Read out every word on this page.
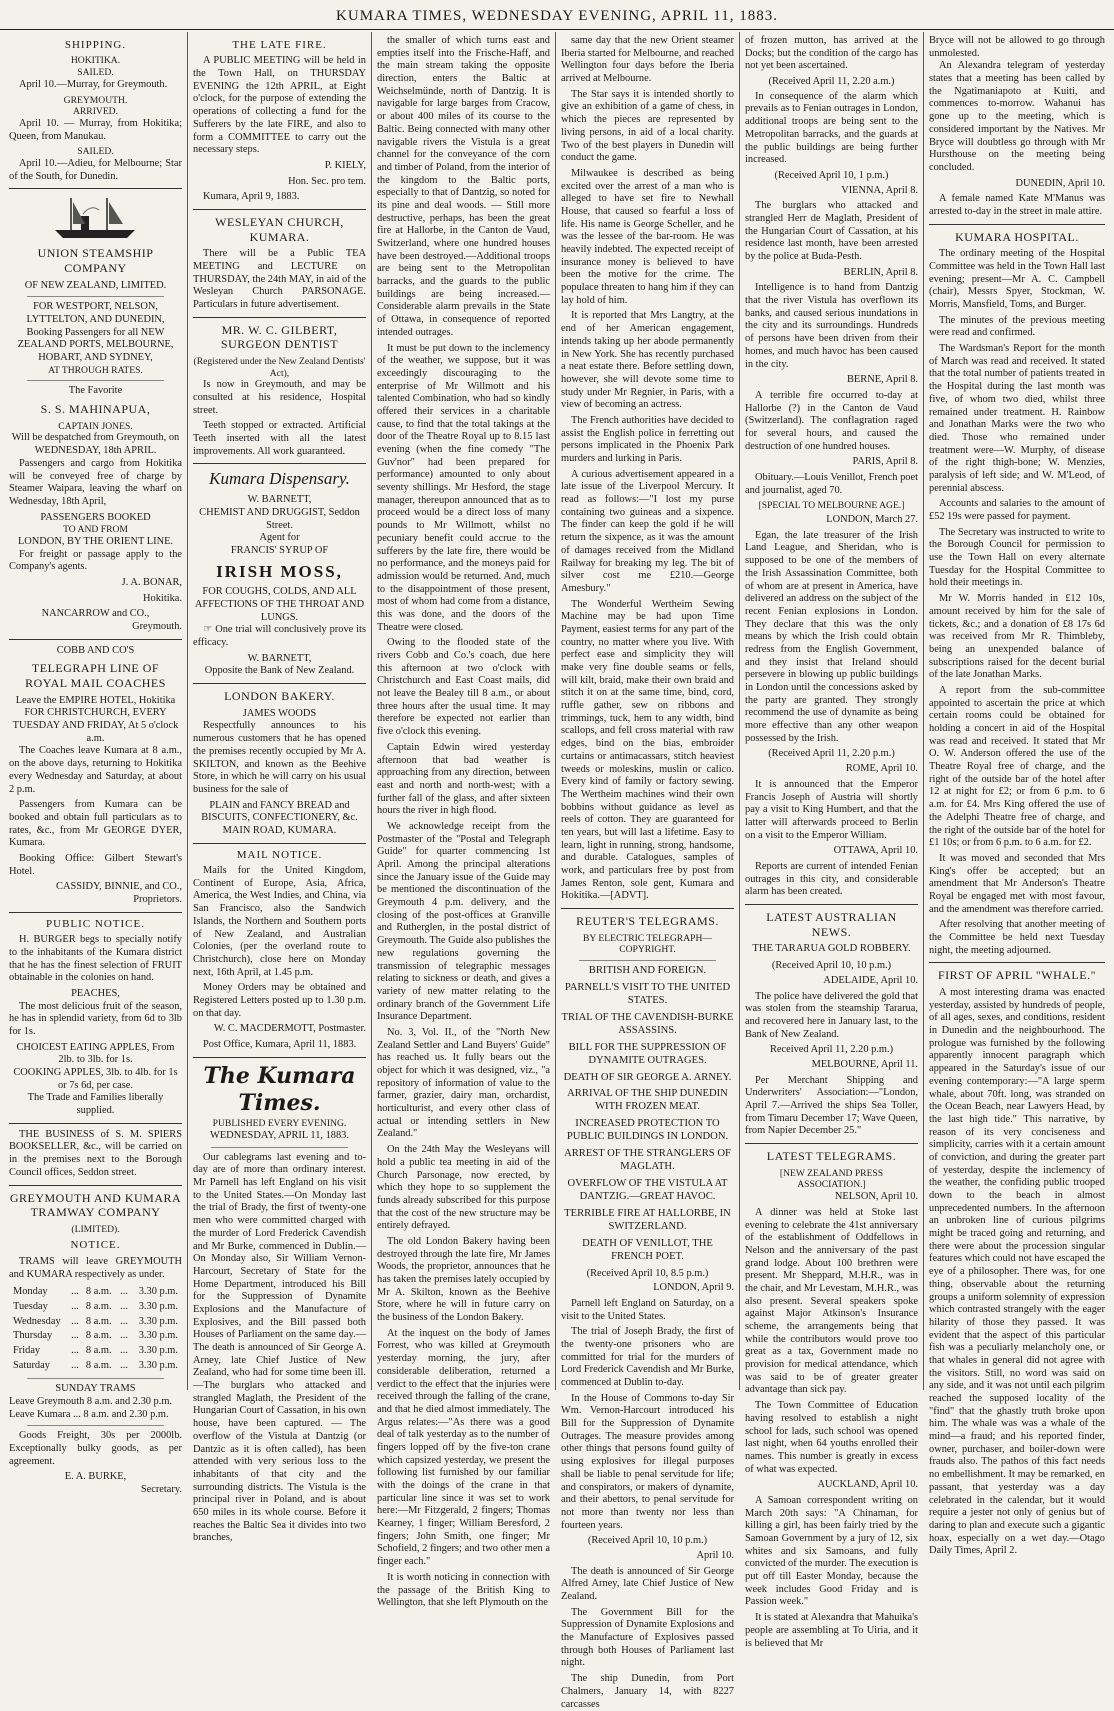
KUMARA TIMES, WEDNESDAY EVENING, APRIL 11, 1883.
SHIPPING.
HOKITIKA.
SAILED.
April 10.—Murray, for Greymouth.
GREYMOUTH.
ARRIVED.
April 10. — Murray, from Hokitika; Queen, from Manukau.
SAILED.
April 10.—Adieu, for Melbourne; Star of the South, for Dunedin.
UNION STEAMSHIP COMPANY
OF NEW ZEALAND, LIMITED.
FOR WESTPORT, NELSON, LYTTELTON, AND DUNEDIN,
Booking Passengers for all NEW ZEALAND PORTS, MELBOURNE, HOBART, AND SYDNEY,
AT THROUGH RATES.
The Favorite
S. S. MAHINAPUA,
CAPTAIN JONES.
Will be despatched from Greymouth, on WEDNESDAY, 18th APRIL.
Passengers and cargo from Hokitika will be conveyed free of charge by Steamer Waipara, leaving the wharf on Wednesday, 18th April,
PASSENGERS BOOKED
TO AND FROM
LONDON, BY THE ORIENT LINE.
For freight or passage apply to the Company's agents.
J. A. BONAR,
Hokitika.
NANCARROW and CO.,
Greymouth.
COBB AND CO'S
TELEGRAPH LINE OF ROYAL MAIL COACHES
Leave the EMPIRE HOTEL, Hokitika FOR CHRISTCHURCH, EVERY TUESDAY AND FRIDAY, At 5 o'clock a.m.
The Coaches leave Kumara at 8 a.m., on the above days, returning to Hokitika every Wednesday and Saturday, at about 2 p.m.
Passengers from Kumara can be booked and obtain full particulars as to rates, &c., from Mr GEORGE DYER, Kumara.
Booking Office: Gilbert Stewart's Hotel.
CASSIDY, BINNIE, and CO., Proprietors.
PUBLIC NOTICE.
H. BURGER begs to specially notify to the inhabitants of the Kumara district that he has the finest selection of FRUIT obtainable in the colonies on hand.
PEACHES,
The most delicious fruit of the season, he has in splendid variety, from 6d to 3lb for 1s.
CHOICEST EATING APPLES, From 2lb. to 3lb. for 1s.
COOKING APPLES, 3lb. to 4lb. for 1s or 7s 6d, per case.
The Trade and Families liberally supplied.
THE BUSINESS of S. M. SPIERS BOOKSELLER, &c., will be carried on in the premises next to the Borough Council offices, Seddon street.
GREYMOUTH AND KUMARA TRAMWAY COMPANY
(LIMITED).
NOTICE.
TRAMS will leave GREYMOUTH and KUMARA respectively as under.
Monday	...	8 a.m.	...	3.30 p.m.
Tuesday	...	8 a.m.	...	3.30 p.m.
Wednesday	...	8 a.m.	...	3.30 p.m.
Thursday	...	8 a.m.	...	3.30 p.m.
Friday	...	8 a.m.	...	3.30 p.m.
Saturday	...	8 a.m.	...	3.30 p.m.
SUNDAY TRAMS
Leave Greymouth 8 a.m. and 2.30 p.m.
Leave Kumara ... 8 a.m. and 2.30 p.m.
Goods Freight, 30s per 2000lb. Exceptionally bulky goods, as per agreement.
E. A. BURKE,
Secretary.
THE LATE FIRE.
A PUBLIC MEETING will be held in the Town Hall, on THURSDAY EVENING the 12th APRIL, at Eight o'clock, for the purpose of extending the operations of collecting a fund for the Sufferers by the late FIRE, and also to form a COMMITTEE to carry out the necessary steps.
P. KIELY,
Hon. Sec. pro tem.
Kumara, April 9, 1883.
WESLEYAN CHURCH, KUMARA.
There will be a Public TEA MEETING and LECTURE on THURSDAY, the 24th MAY, in aid of the Wesleyan Church PARSONAGE. Particulars in future advertisement.
MR. W. C. GILBERT, SURGEON DENTIST
(Registered under the New Zealand Dentists' Act),
Is now in Greymouth, and may be consulted at his residence, Hospital street.
Teeth stopped or extracted. Artificial Teeth inserted with all the latest improvements. All work guaranteed.
Kumara Dispensary.
W. BARNETT,
CHEMIST AND DRUGGIST, Seddon Street.
Agent for
FRANCIS' SYRUP OF
IRISH MOSS,
FOR COUGHS, COLDS, AND ALL AFFECTIONS OF THE THROAT AND LUNGS.
☞ One trial will conclusively prove its efficacy.
W. BARNETT,
Opposite the Bank of New Zealand.
LONDON BAKERY.
JAMES WOODS
Respectfully announces to his numerous customers that he has opened the premises recently occupied by Mr A. SKILTON, and known as the Beehive Store, in which he will carry on his usual business for the sale of
PLAIN and FANCY BREAD and BISCUITS, CONFECTIONERY, &c.
MAIN ROAD, KUMARA.
MAIL NOTICE.
Mails for the United Kingdom, Continent of Europe, Asia, Africa, America, the West Indies, and China, via San Francisco, also the Sandwich Islands, the Northern and Southern ports of New Zealand, and Australian Colonies, (per the overland route to Christchurch), close here on Monday next, 16th April, at 1.45 p.m.
Money Orders may be obtained and Registered Letters posted up to 1.30 p.m. on that day.
W. C. MACDERMOTT, Postmaster.
Post Office, Kumara, April 11, 1883.
The Kumara Times.
PUBLISHED EVERY EVENING.
WEDNESDAY, APRIL 11, 1883.
Our cablegrams last evening and to-day are of more than ordinary interest. Mr Parnell has left England on his visit to the United States.—On Monday last the trial of Brady, the first of twenty-one men who were committed charged with the murder of Lord Frederick Cavendish and Mr Burke, commenced in Dublin.—On Monday also, Sir William Vernon-Harcourt, Secretary of State for the Home Department, introduced his Bill for the Suppression of Dynamite Explosions and the Manufacture of Explosives, and the Bill passed both Houses of Parliament on the same day.—The death is announced of Sir George A. Arney, late Chief Justice of New Zealand, who had for some time been ill.—The burglars who attacked and strangled Maglath, the President of the Hungarian Court of Cassation, in his own house, have been captured. — The overflow of the Vistula at Dantzig (or Dantzic as it is often called), has been attended with very serious loss to the inhabitants of that city and the surrounding districts. The Vistula is the principal river in Poland, and is about 650 miles in its whole course. Before it reaches the Baltic Sea it divides into two branches,
the smaller of which turns east and empties itself into the Frische-Haff, and the main stream taking the opposite direction, enters the Baltic at Weichselmünde, north of Dantzig. It is navigable for large barges from Cracow, or about 400 miles of its course to the Baltic. Being connected with many other navigable rivers the Vistula is a great channel for the conveyance of the corn and timber of Poland, from the interior of the kingdom to the Baltic ports, especially to that of Dantzig, so noted for its pine and deal woods. — Still more destructive, perhaps, has been the great fire at Hallorbe, in the Canton de Vaud, Switzerland, where one hundred houses have been destroyed.—Additional troops are being sent to the Metropolitan barracks, and the guards to the public buildings are being increased.—Considerable alarm prevails in the State of Ottawa, in consequence of reported intended outrages.
It must be put down to the inclemency of the weather, we suppose, but it was exceedingly discouraging to the enterprise of Mr Willmott and his talented Combination, who had so kindly offered their services in a charitable cause, to find that the total takings at the door of the Theatre Royal up to 8.15 last evening (when the fine comedy "The Guv'nor" had been prepared for performance) amounted to only about seventy shillings. Mr Hesford, the stage manager, thereupon announced that as to proceed would be a direct loss of many pounds to Mr Willmott, whilst no pecuniary benefit could accrue to the sufferers by the late fire, there would be no performance, and the moneys paid for admission would be returned. And, much to the disappointment of those present, most of whom had come from a distance, this was done, and the doors of the Theatre were closed.
Owing to the flooded state of the rivers Cobb and Co.'s coach, due here this afternoon at two o'clock with Christchurch and East Coast mails, did not leave the Bealey till 8 a.m., or about three hours after the usual time. It may therefore be expected not earlier than five o'clock this evening.
Captain Edwin wired yesterday afternoon that bad weather is approaching from any direction, between east and north and north-west; with a further fall of the glass, and after sixteen hours the river in high flood.
We acknowledge receipt from the Postmaster of the "Postal and Telegraph Guide" for quarter commencing 1st April. Among the principal alterations since the January issue of the Guide may be mentioned the discontinuation of the Greymouth 4 p.m. delivery, and the closing of the post-offices at Granville and Rutherglen, in the postal district of Greymouth. The Guide also publishes the new regulations governing the transmission of telegraphic messages relating to sickness or death, and gives a variety of new matter relating to the ordinary branch of the Government Life Insurance Department.
No. 3, Vol. II., of the "North New Zealand Settler and Land Buyers' Guide" has reached us. It fully bears out the object for which it was designed, viz., "a repository of information of value to the farmer, grazier, dairy man, orchardist, horticulturist, and every other class of actual or intending settlers in New Zealand."
On the 24th May the Wesleyans will hold a public tea meeting in aid of the Church Parsonage, now erected, by which they hope to so supplement the funds already subscribed for this purpose that the cost of the new structure may be entirely defrayed.
The old London Bakery having been destroyed through the late fire, Mr James Woods, the proprietor, announces that he has taken the premises lately occupied by Mr A. Skilton, known as the Beehive Store, where he will in future carry on the business of the London Bakery.
At the inquest on the body of James Forrest, who was killed at Greymouth yesterday morning, the jury, after considerable deliberation, returned a verdict to the effect that the injuries were received through the falling of the crane, and that he died almost immediately. The Argus relates:—"As there was a good deal of talk yesterday as to the number of fingers lopped off by the five-ton crane which capsized yesterday, we present the following list furnished by our familiar with the doings of the crane in that particular line since it was set to work here:—Mr Fitzgerald, 2 fingers; Thomas Kearney, 1 finger; William Beresford, 2 fingers; John Smith, one finger; Mr Schofield, 2 fingers; and two other men a finger each."
It is worth noticing in connection with the passage of the British King to Wellington, that she left Plymouth on the
same day that the new Orient steamer Iberia started for Melbourne, and reached Wellington four days before the Iberia arrived at Melbourne.
The Star says it is intended shortly to give an exhibition of a game of chess, in which the pieces are represented by living persons, in aid of a local charity. Two of the best players in Dunedin will conduct the game.
Milwaukee is described as being excited over the arrest of a man who is alleged to have set fire to Newhall House, that caused so fearful a loss of life. His name is George Scheller, and he was the lessee of the bar-room. He was heavily indebted. The expected receipt of insurance money is believed to have been the motive for the crime. The populace threaten to hang him if they can lay hold of him.
It is reported that Mrs Langtry, at the end of her American engagement, intends taking up her abode permanently in New York. She has recently purchased a neat estate there. Before settling down, however, she will devote some time to study under Mr Regnier, in Paris, with a view of becoming an actress.
The French authorities have decided to assist the English police in ferretting out persons implicated in the Phoenix Park murders and lurking in Paris.
A curious advertisement appeared in a late issue of the Liverpool Mercury. It read as follows:—"I lost my purse containing two guineas and a sixpence. The finder can keep the gold if he will return the sixpence, as it was the amount of damages received from the Midland Railway for breaking my leg. The bit of silver cost me £210.—George Amesbury."
The Wonderful Wertheim Sewing Machine may be had upon Time Payment, easiest terms for any part of the country, no matter where you live. With perfect ease and simplicity they will make very fine double seams or fells, will kilt, braid, make their own braid and stitch it on at the same time, bind, cord, ruffle gather, sew on ribbons and trimmings, tuck, hem to any width, bind scallops, and fell cross material with raw edges, bind on the bias, embroider curtains or antimacassars, stitch heaviest tweeds or moleskins, muslin or calico. Every kind of family or factory sewing. The Wertheim machines wind their own bobbins without guidance as level as reels of cotton. They are guaranteed for ten years, but will last a lifetime. Easy to learn, light in running, strong, handsome, and durable. Catalogues, samples of work, and particulars free by post from James Renton, sole gent, Kumara and Hokitika.—[ADVT].
REUTER'S TELEGRAMS.
BY ELECTRIC TELEGRAPH—COPYRIGHT.
BRITISH AND FOREIGN.
PARNELL'S VISIT TO THE UNITED STATES.
TRIAL OF THE CAVENDISH-BURKE ASSASSINS.
BILL FOR THE SUPPRESSION OF DYNAMITE OUTRAGES.
DEATH OF SIR GEORGE A. ARNEY.
ARRIVAL OF THE SHIP DUNEDIN WITH FROZEN MEAT.
INCREASED PROTECTION TO PUBLIC BUILDINGS IN LONDON.
ARREST OF THE STRANGLERS OF MAGLATH.
OVERFLOW OF THE VISTULA AT DANTZIG.—GREAT HAVOC.
TERRIBLE FIRE AT HALLORBE, IN SWITZERLAND.
DEATH OF VENILLOT, THE FRENCH POET.
(Received April 10, 8.5 p.m.)
LONDON, April 9.
Parnell left England on Saturday, on a visit to the United States.
The trial of Joseph Brady, the first of the twenty-one prisoners who are committed for trial for the murders of Lord Frederick Cavendish and Mr Burke, commenced at Dublin to-day.
In the House of Commons to-day Sir Wm. Vernon-Harcourt introduced his Bill for the Suppression of Dynamite Outrages. The measure provides among other things that persons found guilty of using explosives for illegal purposes shall be liable to penal servitude for life; and conspirators, or makers of dynamite, and their abettors, to penal servitude for not more than twenty nor less than fourteen years.
(Received April 10, 10 p.m.)
April 10.
The death is announced of Sir George Alfred Arney, late Chief Justice of New Zealand.
The Government Bill for the Suppression of Dynamite Explosions and the Manufacture of Explosives passed through both Houses of Parliament last night.
The ship Dunedin, from Port Chalmers, January 14, with 8227 carcasses
of frozen mutton, has arrived at the Docks; but the condition of the cargo has not yet been ascertained.
(Received April 11, 2.20 a.m.)
In consequence of the alarm which prevails as to Fenian outrages in London, additional troops are being sent to the Metropolitan barracks, and the guards at the public buildings are being further increased.
(Received April 10, 1 p.m.)
VIENNA, April 8.
The burglars who attacked and strangled Herr de Maglath, President of the Hungarian Court of Cassation, at his residence last month, have been arrested by the police at Buda-Pesth.
BERLIN, April 8.
Intelligence is to hand from Dantzig that the river Vistula has overflown its banks, and caused serious inundations in the city and its surroundings. Hundreds of persons have been driven from their homes, and much havoc has been caused in the city.
BERNE, April 8.
A terrible fire occurred to-day at Hallorbe (?) in the Canton de Vaud (Switzerland). The conflagration raged for several hours, and caused the destruction of one hundred houses.
PARIS, April 8.
Obituary.—Louis Venillot, French poet and journalist, aged 70.
[SPECIAL TO MELBOURNE AGE.]
LONDON, March 27.
Egan, the late treasurer of the Irish Land League, and Sheridan, who is supposed to be one of the members of the Irish Assassination Committee, both of whom are at present in America, have delivered an address on the subject of the recent Fenian explosions in London. They declare that this was the only means by which the Irish could obtain redress from the English Government, and they insist that Ireland should persevere in blowing up public buildings in London until the concessions asked by the party are granted. They strongly recommend the use of dynamite as being more effective than any other weapon possessed by the Irish.
(Received April 11, 2.20 p.m.)
ROME, April 10.
It is announced that the Emperor Francis Joseph of Austria will shortly pay a visit to King Humbert, and that the latter will afterwards proceed to Berlin on a visit to the Emperor William.
OTTAWA, April 10.
Reports are current of intended Fenian outrages in this city, and considerable alarm has been created.
LATEST AUSTRALIAN NEWS.
THE TARARUA GOLD ROBBERY.
(Received April 10, 10 p.m.)
ADELAIDE, April 10.
The police have delivered the gold that was stolen from the steamship Tararua, and recovered here in January last, to the Bank of New Zealand.
Received April 11, 2.20 p.m.)
MELBOURNE, April 11.
Per Merchant Shipping and Underwriters' Association:—"London, April 7.—Arrived the ships Sea Toller, from Timaru December 17; Wave Queen, from Napier December 25."
LATEST TELEGRAMS.
[NEW ZEALAND PRESS ASSOCIATION.]
NELSON, April 10.
A dinner was held at Stoke last evening to celebrate the 41st anniversary of the establishment of Oddfellows in Nelson and the anniversary of the past grand lodge. About 100 brethren were present. Mr Sheppard, M.H.R., was in the chair, and Mr Levestam, M.H.R., was also present. Several speakers spoke against Major Atkinson's Insurance scheme, the arrangements being that while the contributors would prove too great as a tax, Government made no provision for medical attendance, which was said to be of greater greater advantage than sick pay.
The Town Committee of Education having resolved to establish a night school for lads, such school was opened last night, when 64 youths enrolled their names. This number is greatly in excess of what was expected.
AUCKLAND, April 10.
A Samoan correspondent writing on March 20th says: "A Chinaman, for killing a girl, has been fairly tried by the Samoan Government by a jury of 12, six whites and six Samoans, and fully convicted of the murder. The execution is put off till Easter Monday, because the week includes Good Friday and is Passion week."
It is stated at Alexandra that Mahuika's people are assembling at To Uiria, and it is believed that Mr
Bryce will not be allowed to go through unmolested.
An Alexandra telegram of yesterday states that a meeting has been called by the Ngatimaniapoto at Kuiti, and commences to-morrow. Wahanui has gone up to the meeting, which is considered important by the Natives. Mr Bryce will doubtless go through with Mr Hursthouse on the meeting being concluded.
DUNEDIN, April 10.
A female named Kate M'Manus was arrested to-day in the street in male attire.
KUMARA HOSPITAL.
The ordinary meeting of the Hospital Committee was held in the Town Hall last evening; present—Mr A. C. Campbell (chair), Messrs Spyer, Stockman, W. Morris, Mansfield, Toms, and Burger.
The minutes of the previous meeting were read and confirmed.
The Wardsman's Report for the month of March was read and received. It stated that the total number of patients treated in the Hospital during the last month was five, of whom two died, whilst three remained under treatment. H. Rainbow and Jonathan Marks were the two who died. Those who remained under treatment were—W. Murphy, of disease of the right thigh-bone; W. Menzies, paralysis of left side; and W. M'Leod, of perennial abscess.
Accounts and salaries to the amount of £52 19s were passed for payment.
The Secretary was instructed to write to the Borough Council for permission to use the Town Hall on every alternate Tuesday for the Hospital Committee to hold their meetings in.
Mr W. Morris handed in £12 10s, amount received by him for the sale of tickets, &c.; and a donation of £8 17s 6d was received from Mr R. Thimbleby, being an unexpended balance of subscriptions raised for the decent burial of the late Jonathan Marks.
A report from the sub-committee appointed to ascertain the price at which certain rooms could be obtained for holding a concert in aid of the Hospital was read and received. It stated that Mr O. W. Anderson offered the use of the Theatre Royal free of charge, and the right of the outside bar of the hotel after 12 at night for £2; or from 6 p.m. to 6 a.m. for £4. Mrs King offered the use of the Adelphi Theatre free of charge, and the right of the outside bar of the hotel for £1 10s; or from 6 p.m. to 6 a.m. for £2.
It was moved and seconded that Mrs King's offer be accepted; but an amendment that Mr Anderson's Theatre Royal be engaged met with most favour, and the amendment was therefore carried.
After resolving that another meeting of the Committee be held next Tuesday night, the meeting adjourned.
FIRST OF APRIL "WHALE."
A most interesting drama was enacted yesterday, assisted by hundreds of people, of all ages, sexes, and conditions, resident in Dunedin and the neighbourhood. The prologue was furnished by the following apparently innocent paragraph which appeared in the Saturday's issue of our evening contemporary:—"A large sperm whale, about 70ft. long, was stranded on the Ocean Beach, near Lawyers Head, by the last high tide." This narrative, by reason of its very conciseness and simplicity, carries with it a certain amount of conviction, and during the greater part of yesterday, despite the inclemency of the weather, the confiding public trooped down to the beach in almost unprecedented numbers. In the afternoon an unbroken line of curious pilgrims might be traced going and returning, and there were about the procession singular features which could not have escaped the eye of a philosopher. There was, for one thing, observable about the returning groups a uniform solemnity of expression which contrasted strangely with the eager hilarity of those they passed. It was evident that the aspect of this particular fish was a peculiarly melancholy one, or that whales in general did not agree with the visitors. Still, no word was said on any side, and it was not until each pilgrim reached the supposed locality of the "find" that the ghastly truth broke upon him. The whale was was a whale of the mind—a fraud; and his reported finder, owner, purchaser, and boiler-down were frauds also. The pathos of this fact needs no embellishment. It may be remarked, en passant, that yesterday was a day celebrated in the calendar, but it would require a jester not only of genius but of daring to plan and execute such a gigantic hoax, especially on a wet day.—Otago Daily Times, April 2.
